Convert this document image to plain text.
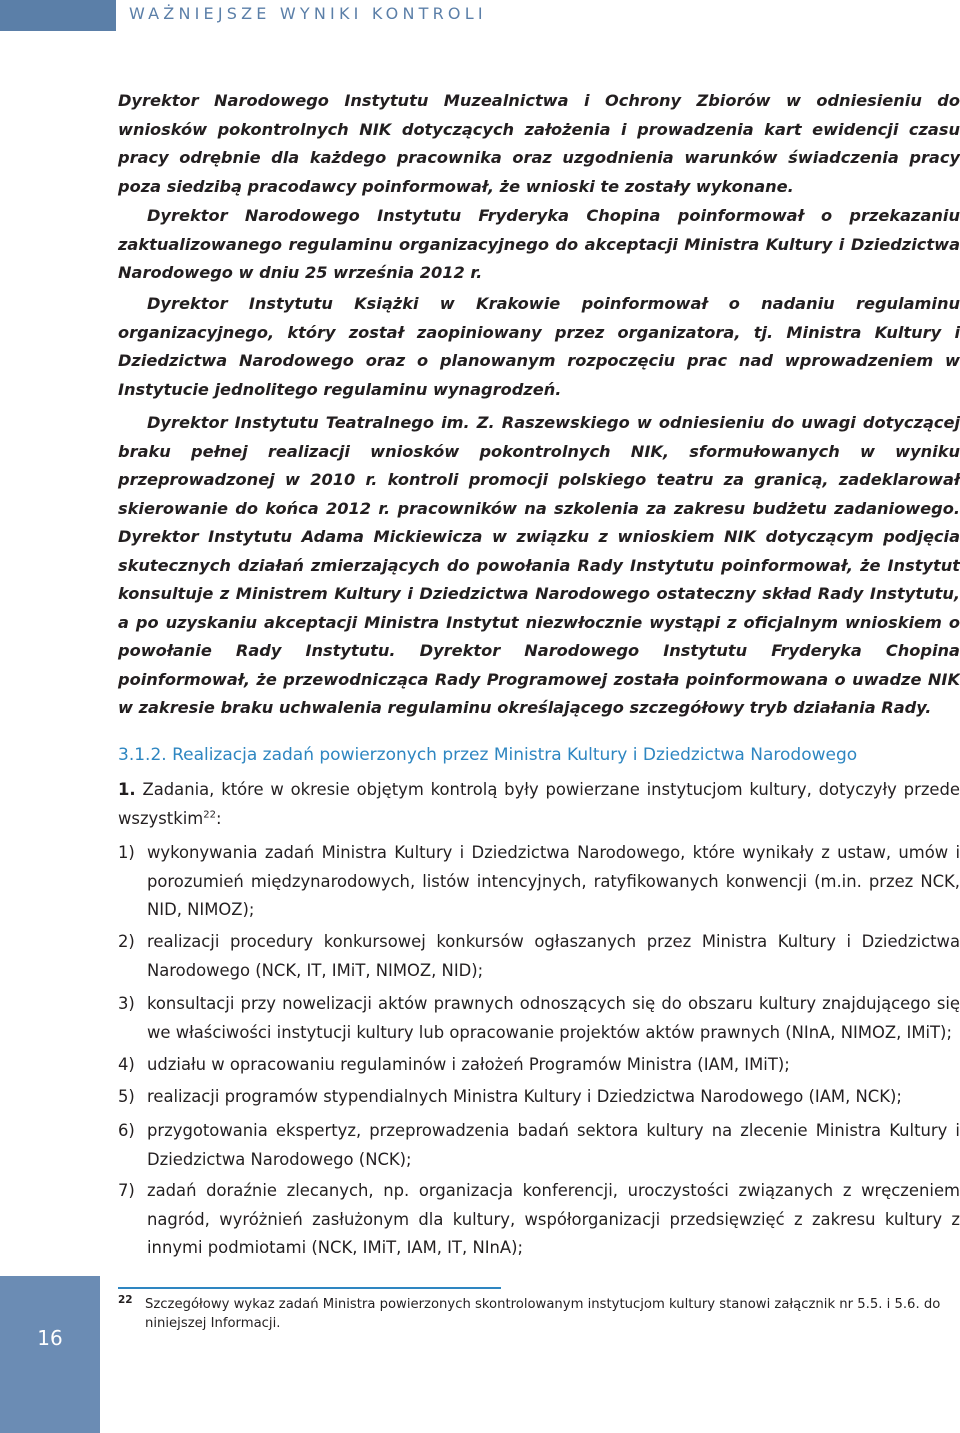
WAŻNIEJSZE WYNIKI KONTROLI

Dyrektor Narodowego Instytutu Muzealnictwa i Ochrony Zbiorów w odniesieniu do wniosków pokontrolnych NIK dotyczących założenia i prowadzenia kart ewidencji czasu pracy odrębnie dla każdego pracownika oraz uzgodnienia warunków świadczenia pracy poza siedzibą pracodawcy poinformował, że wnioski te zostały wykonane.

Dyrektor Narodowego Instytutu Fryderyka Chopina poinformował o przekazaniu zaktualizowanego regulaminu organizacyjnego do akceptacji Ministra Kultury i Dziedzictwa Narodowego w dniu 25 września 2012 r.

Dyrektor Instytutu Książki w Krakowie poinformował o nadaniu regulaminu organizacyjnego, który został zaopiniowany przez organizatora, tj. Ministra Kultury i Dziedzictwa Narodowego oraz o planowanym rozpoczęciu prac nad wprowadzeniem w Instytucie jednolitego regulaminu wynagrodzeń.

Dyrektor Instytutu Teatralnego im. Z. Raszewskiego w odniesieniu do uwagi dotyczącej braku pełnej realizacji wniosków pokontrolnych NIK, sformułowanych w wyniku przeprowadzonej w 2010 r. kontroli promocji polskiego teatru za granicą, zadeklarował skierowanie do końca 2012 r. pracowników na szkolenia za zakresu budżetu zadaniowego. Dyrektor Instytutu Adama Mickiewicza w związku z wnioskiem NIK dotyczącym podjęcia skutecznych działań zmierzających do powołania Rady Instytutu poinformował, że Instytut konsultuje z Ministrem Kultury i Dziedzictwa Narodowego ostateczny skład Rady Instytutu, a po uzyskaniu akceptacji Ministra Instytut niezwłocznie wystąpi z oficjalnym wnioskiem o powołanie Rady Instytutu. Dyrektor Narodowego Instytutu Fryderyka Chopina poinformował, że przewodnicząca Rady Programowej została poinformowana o uwadze NIK w zakresie braku uchwalenia regulaminu określającego szczegółowy tryb działania Rady.

3.1.2. Realizacja zadań powierzonych przez Ministra Kultury i Dziedzictwa Narodowego

1. Zadania, które w okresie objętym kontrolą były powierzane instytucjom kultury, dotyczyły przede wszystkim$^{22}$:

1) wykonywania zadań Ministra Kultury i Dziedzictwa Narodowego, które wynikały z ustaw, umów i porozumień międzynarodowych, listów intencyjnych, ratyfikowanych konwencji (m.in. przez NCK, NID, NIMOZ);
2) realizacji procedury konkursowej konkursów ogłaszanych przez Ministra Kultury i Dziedzictwa Narodowego (NCK, IT, IMiT, NIMOZ, NID);
3) konsultacji przy nowelizacji aktów prawnych odnoszących się do obszaru kultury znajdującego się we właściwości instytucji kultury lub opracowanie projektów aktów prawnych (NInA, NIMOZ, IMiT);
4) udziału w opracowaniu regulaminów i założeń Programów Ministra (IAM, IMiT);
5) realizacji programów stypendialnych Ministra Kultury i Dziedzictwa Narodowego (IAM, NCK);
6) przygotowania ekspertyz, przeprowadzenia badań sektora kultury na zlecenie Ministra Kultury i Dziedzictwa Narodowego (NCK);
7) zadań doraźnie zlecanych, np. organizacja konferencji, uroczystości związanych z wręczeniem nagród, wyróżnień zasłużonym dla kultury, współorganizacji przedsięwzięć z zakresu kultury z innymi podmiotami (NCK, IMiT, IAM, IT, NInA);
16
22 Szczegółowy wykaz zadań Ministra powierzonych skontrolowanym instytucjom kultury stanowi załącznik nr 5.5. i 5.6. do niniejszej Informacji.
